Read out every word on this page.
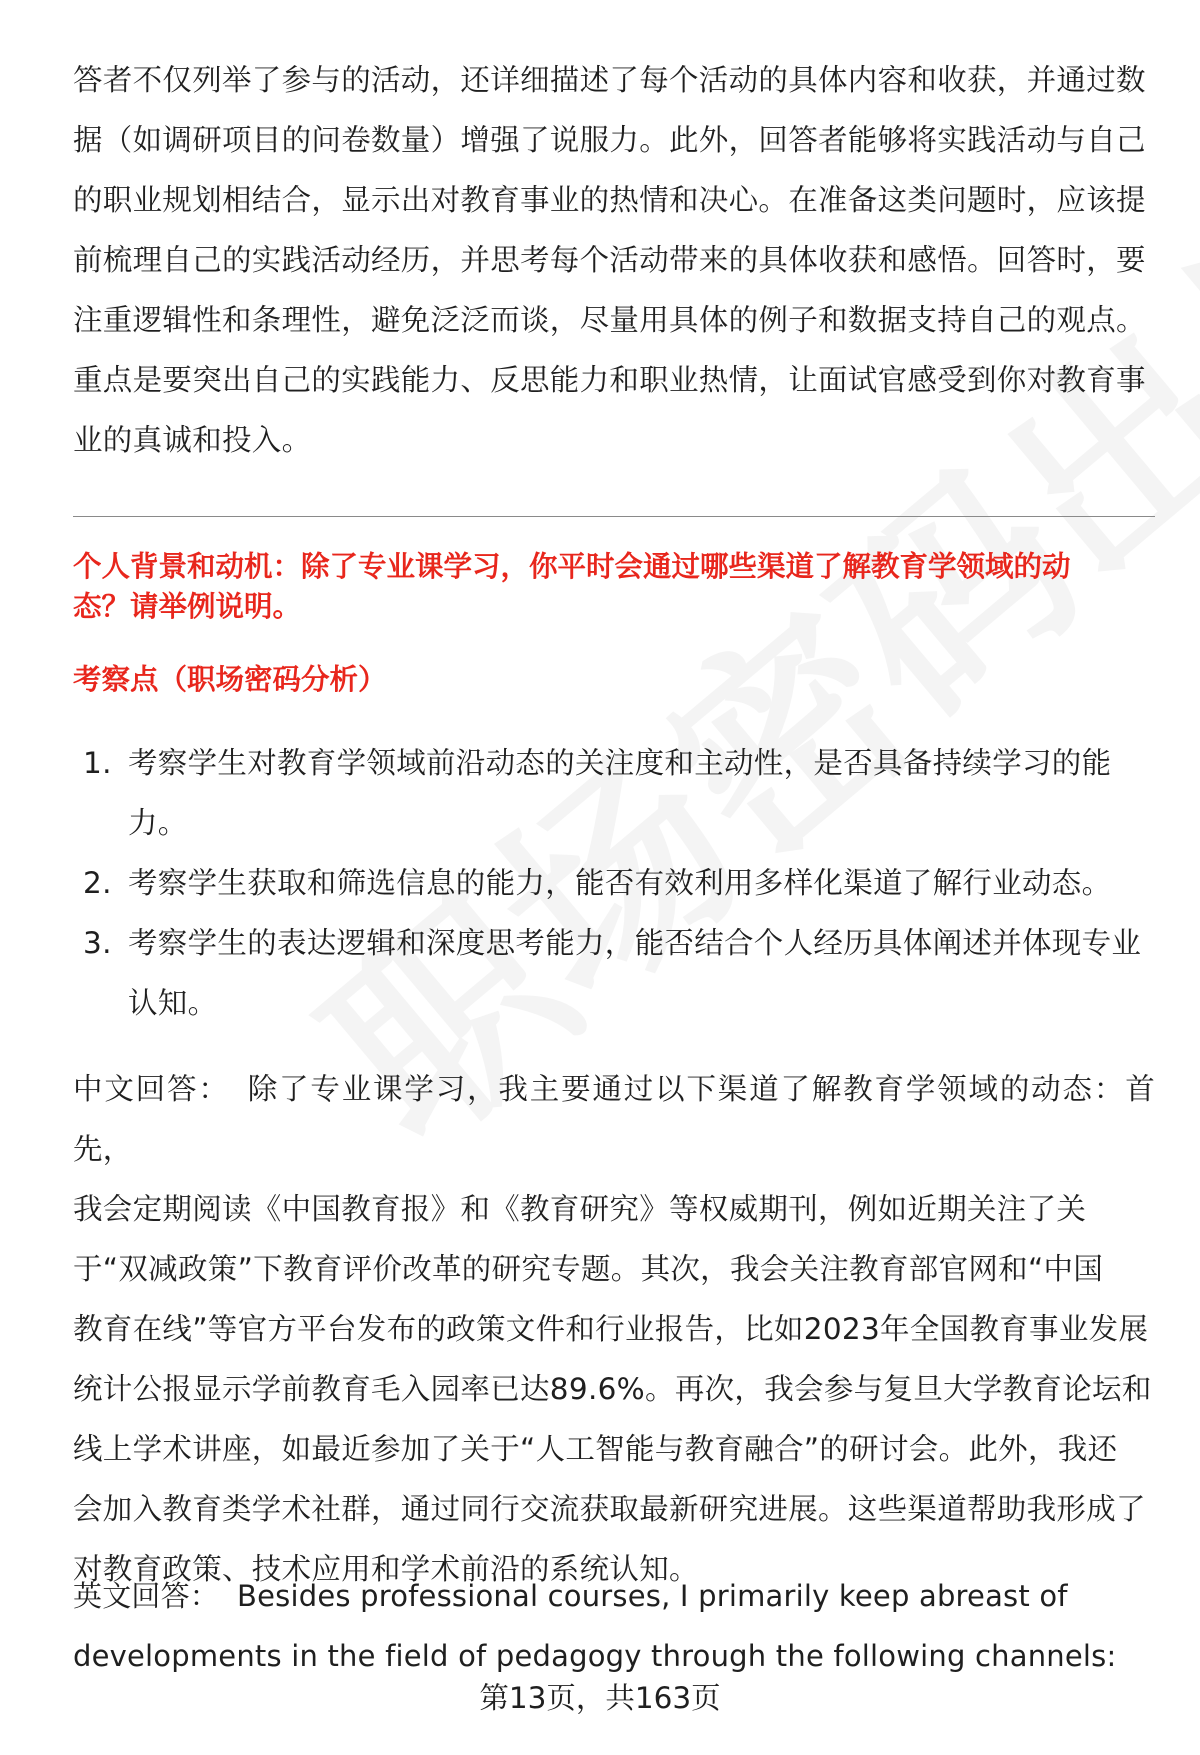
答者不仅列举了参与的活动，还详细描述了每个活动的具体内容和收获，并通过数

据（如调研项目的问卷数量）增强了说服力。此外，回答者能够将实践活动与自己

的职业规划相结合，显示出对教育事业的热情和决心。在准备这类问题时，应该提

前梳理自己的实践活动经历，并思考每个活动带来的具体收获和感悟。回答时，要

注重逻辑性和条理性，避免泛泛而谈，尽量用具体的例子和数据支持自己的观点。

重点是要突出自己的实践能力、反思能力和职业热情，让面试官感受到你对教育事

业的真诚和投入。

个人背景和动机：除了专业课学习，你平时会通过哪些渠道了解教育学领域的动
态？请举例说明。
考察点（职场密码分析）
1. 考察学生对教育学领域前沿动态的关注度和主动性，是否具备持续学习的能
力。
2. 考察学生获取和筛选信息的能力，能否有效利用多样化渠道了解行业动态。
3. 考察学生的表达逻辑和深度思考能力，能否结合个人经历具体阐述并体现专业
认知。

中文回答： 除了专业课学习，我主要通过以下渠道了解教育学领域的动态：首先，

我会定期阅读《中国教育报》和《教育研究》等权威期刊，例如近期关注了关

于“双减政策”下教育评价改革的研究专题。其次，我会关注教育部官网和“中国

教育在线”等官方平台发布的政策文件和行业报告，比如2023年全国教育事业发展

统计公报显示学前教育毛入园率已达89.6%。再次，我会参与复旦大学教育论坛和

线上学术讲座，如最近参加了关于“人工智能与教育融合”的研讨会。此外，我还

会加入教育类学术社群，通过同行交流获取最新研究进展。这些渠道帮助我形成了

对教育政策、技术应用和学术前沿的系统认知。

英文回答： Besides professional courses, I primarily keep abreast of

developments in the field of pedagogy through the following channels:

第13页，共163页
